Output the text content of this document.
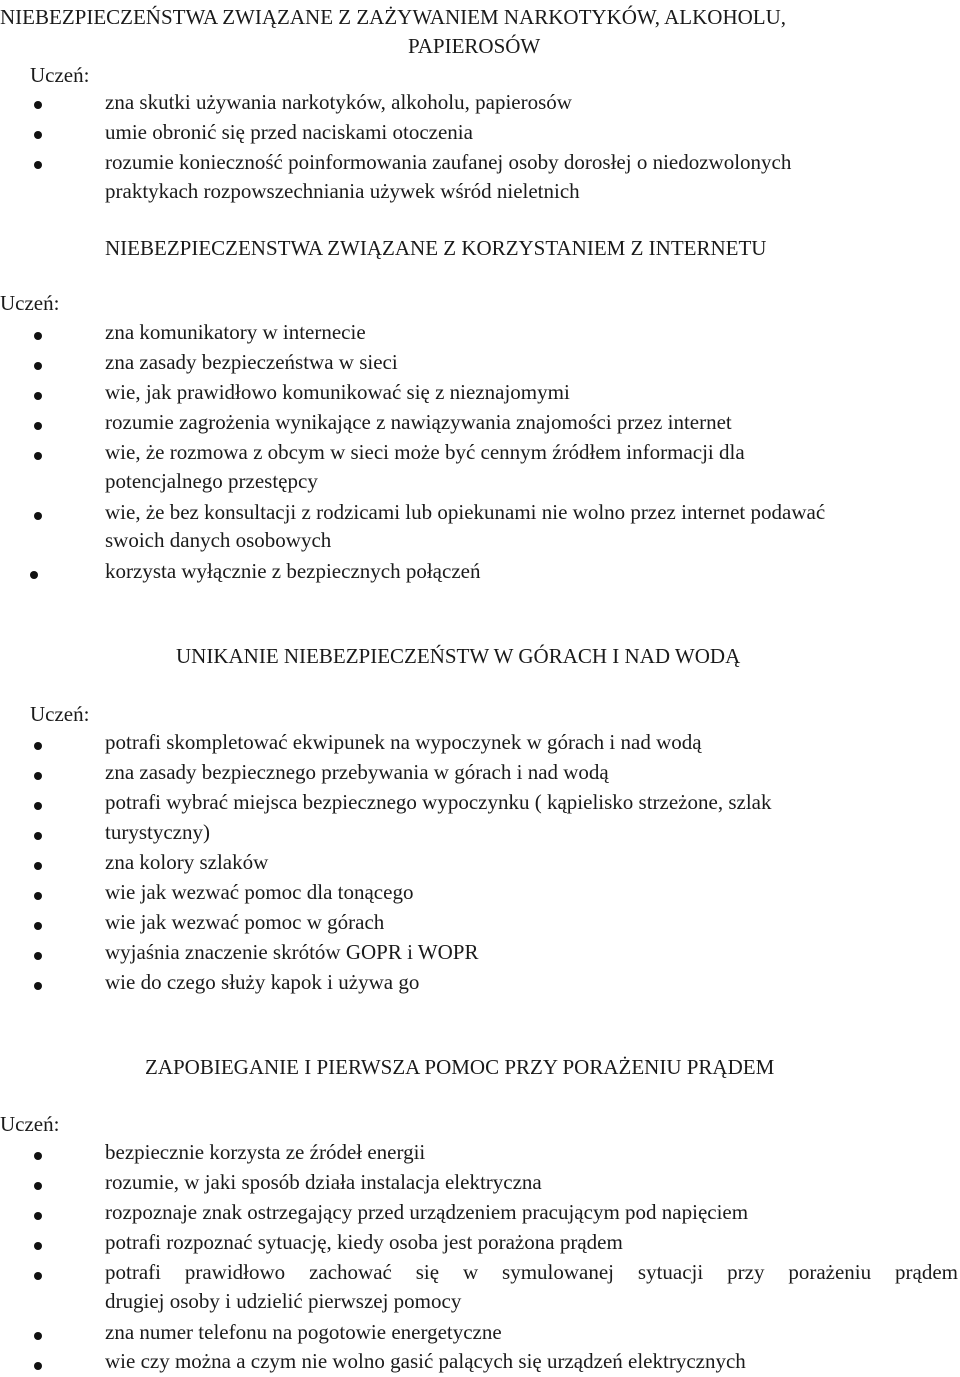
NIEBEZPIECZEŃSTWA ZWIĄZANE Z ZAŻYWANIEM NARKOTYKÓW, ALKOHOLU,
PAPIEROSÓW
Uczeń:
zna skutki używania narkotyków, alkoholu, papierosów
umie obronić się przed naciskami otoczenia
rozumie konieczność poinformowania zaufanej osoby dorosłej o niedozwolonych
praktykach rozpowszechniania używek wśród nieletnich
NIEBEZPIECZENSTWA ZWIĄZANE Z KORZYSTANIEM Z INTERNETU
Uczeń:
zna komunikatory w internecie
zna zasady bezpieczeństwa w sieci
wie, jak prawidłowo komunikować się z nieznajomymi
rozumie zagrożenia wynikające z nawiązywania znajomości przez internet
wie, że rozmowa z obcym w sieci może być cennym źródłem informacji dla
potencjalnego przestępcy
wie, że bez konsultacji z rodzicami lub opiekunami nie wolno przez internet podawać
swoich danych osobowych
korzysta wyłącznie z bezpiecznych połączeń
UNIKANIE NIEBEZPIECZEŃSTW W GÓRACH I NAD WODĄ
Uczeń:
potrafi skompletować ekwipunek na wypoczynek w górach i nad wodą
zna zasady bezpiecznego przebywania w górach i nad wodą
potrafi wybrać miejsca bezpiecznego wypoczynku ( kąpielisko strzeżone, szlak
turystyczny)
zna kolory szlaków
wie jak wezwać pomoc dla tonącego
wie jak wezwać pomoc w górach
wyjaśnia znaczenie skrótów GOPR i WOPR
wie do czego służy kapok i używa go
ZAPOBIEGANIE I PIERWSZA POMOC PRZY PORAŻENIU PRĄDEM
Uczeń:
bezpiecznie korzysta ze źródeł energii
rozumie, w jaki sposób działa instalacja elektryczna
rozpoznaje znak ostrzegający przed urządzeniem pracującym pod napięciem
potrafi rozpoznać sytuację, kiedy osoba jest porażona prądem
potrafi prawidłowo zachować się w symulowanej sytuacji przy porażeniu prądem
drugiej osoby i udzielić pierwszej pomocy
zna numer telefonu na pogotowie energetyczne
wie czy można a czym nie wolno gasić palących się urządzeń elektrycznych
